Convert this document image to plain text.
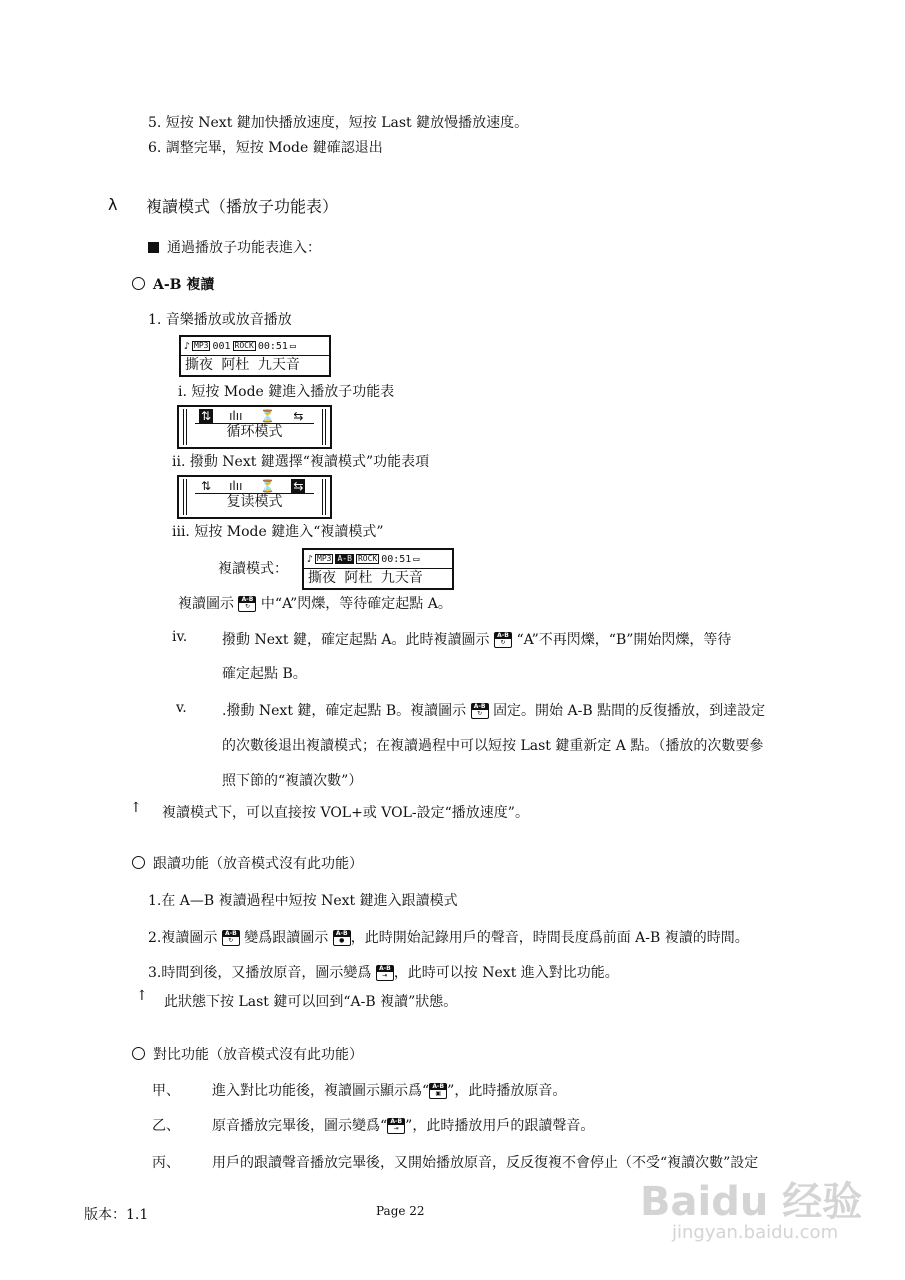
5. 短按 Next 鍵加快播放速度，短按 Last 鍵放慢播放速度。
6. 調整完畢，短按 Mode 鍵確認退出
λ 複讀模式（播放子功能表）
通過播放子功能表進入：
A-B 複讀
1. 音樂播放或放音播放
♪ MP3 001 ROCK 00:51 ▭
撕夜 阿杜 九天音
i. 短按 Mode 鍵進入播放子功能表
⇅ ılıı ⏳ ⇆
循环模式
ii. 撥動 Next 鍵選擇“複讀模式”功能表項
⇅ ılıı ⏳ ⇆
复读模式
iii. 短按 Mode 鍵進入“複讀模式”
複讀模式：
♪ MP3 A-B ROCK 00:51 ▭
撕夜 阿杜 九天音
複讀圖示	A-B
↻ 中“A”閃爍，等待確定起點 A。
iv. 撥動 Next 鍵，確定起點 A。此時複讀圖示	A-B
↻ “A”不再閃爍，“B”開始閃爍，等待
確定起點 B。
v.	.撥動 Next 鍵，確定起點 B。複讀圖示	A-B
↻ 固定。開始 A-B 點間的反復播放，到達設定
的次數後退出複讀模式；在複讀過程中可以短按 Last 鍵重新定 A 點。（播放的次數要參
照下節的“複讀次數”）
↑ 複讀模式下，可以直接按 VOL+或 VOL-設定“播放速度”。
跟讀功能（放音模式沒有此功能）
1.在 A—B 複讀過程中短按 Next 鍵進入跟讀模式
2.複讀圖示	A-B
↻ 變爲跟讀圖示	A-B
● ，此時開始記錄用戶的聲音，時間長度爲前面 A-B 複讀的時間。
3.時間到後，又播放原音，圖示變爲	A-B
⇥ ，此時可以按 Next 進入對比功能。
↑ 此狀態下按 Last 鍵可以回到“A-B 複讀”狀態。
對比功能（放音模式沒有此功能）
甲、 進入對比功能後，複讀圖示顯示爲“ A-B
▣ ”，此時播放原音。
乙、 原音播放完畢後，圖示變爲“ A-B
⇥ ”，此時播放用戶的跟讀聲音。
丙、 用戶的跟讀聲音播放完畢後，又開始播放原音，反反復複不會停止（不受“複讀次數”設定
版本：1.1	Page 22	Baidu 经验
jingyan.baidu.com
